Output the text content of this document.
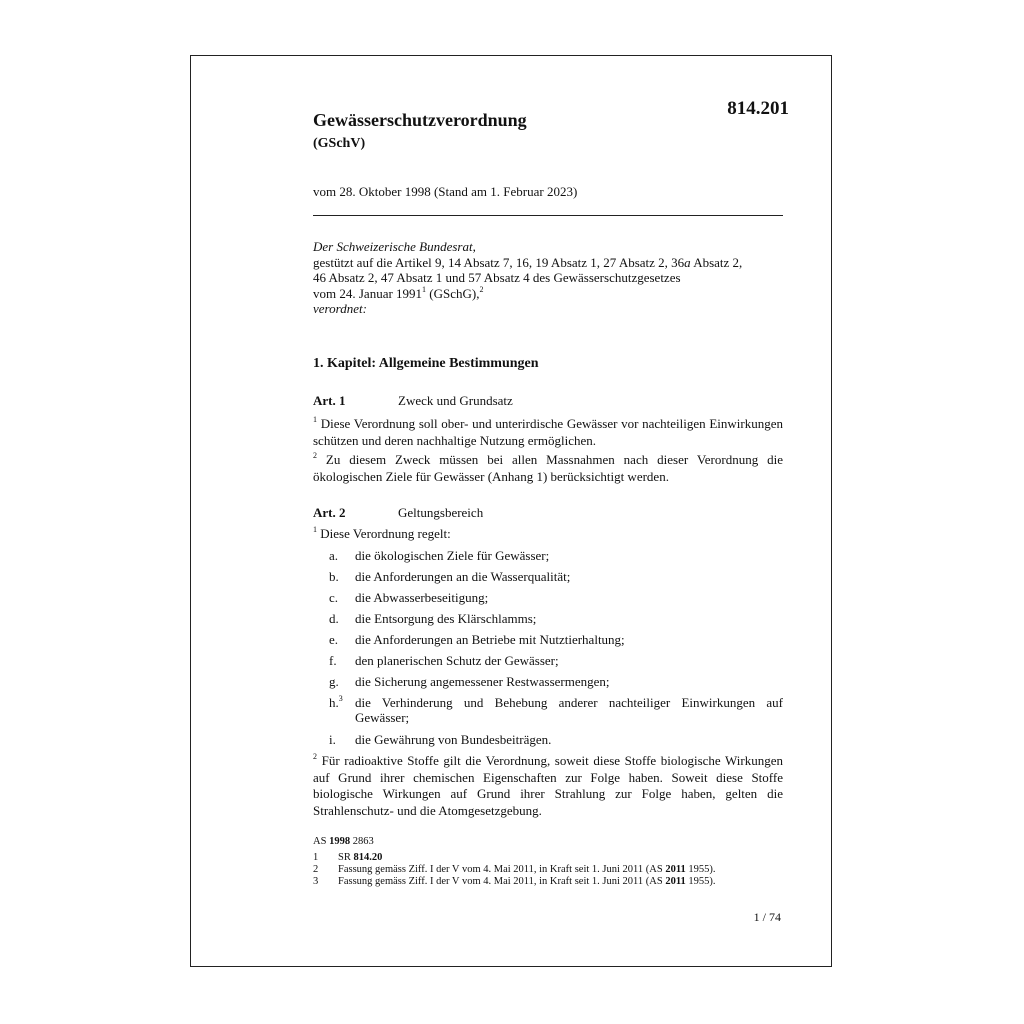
814.201
Gewässerschutzverordnung
(GSchV)
vom 28. Oktober 1998 (Stand am 1. Februar 2023)
Der Schweizerische Bundesrat,
gestützt auf die Artikel 9, 14 Absatz 7, 16, 19 Absatz 1, 27 Absatz 2, 36a Absatz 2,
46 Absatz 2, 47 Absatz 1 und 57 Absatz 4 des Gewässerschutzgesetzes
vom 24. Januar 1991$^1$ (GSchG),$^2$
verordnet:
1. Kapitel: Allgemeine Bestimmungen
Art. 1	Zweck und Grundsatz
$^1$ Diese Verordnung soll ober- und unterirdische Gewässer vor nachteiligen Einwirkungen schützen und deren nachhaltige Nutzung ermöglichen.
$^2$ Zu diesem Zweck müssen bei allen Massnahmen nach dieser Verordnung die ökologischen Ziele für Gewässer (Anhang 1) berücksichtigt werden.
Art. 2	Geltungsbereich
$^1$ Diese Verordnung regelt:
a. die ökologischen Ziele für Gewässer;
b. die Anforderungen an die Wasserqualität;
c. die Abwasserbeseitigung;
d. die Entsorgung des Klärschlamms;
e. die Anforderungen an Betriebe mit Nutztierhaltung;
f. den planerischen Schutz der Gewässer;
g. die Sicherung angemessener Restwassermengen;
h.$^3$ die Verhinderung und Behebung anderer nachteiliger Einwirkungen auf Gewässer;
i. die Gewährung von Bundesbeiträgen.
$^2$ Für radioaktive Stoffe gilt die Verordnung, soweit diese Stoffe biologische Wirkungen auf Grund ihrer chemischen Eigenschaften zur Folge haben. Soweit diese Stoffe biologische Wirkungen auf Grund ihrer Strahlung zur Folge haben, gelten die Strahlenschutz- und die Atomgesetzgebung.
AS 1998 2863
1 SR 814.20
2 Fassung gemäss Ziff. I der V vom 4. Mai 2011, in Kraft seit 1. Juni 2011 (AS 2011 1955).
3 Fassung gemäss Ziff. I der V vom 4. Mai 2011, in Kraft seit 1. Juni 2011 (AS 2011 1955).
1 / 74
